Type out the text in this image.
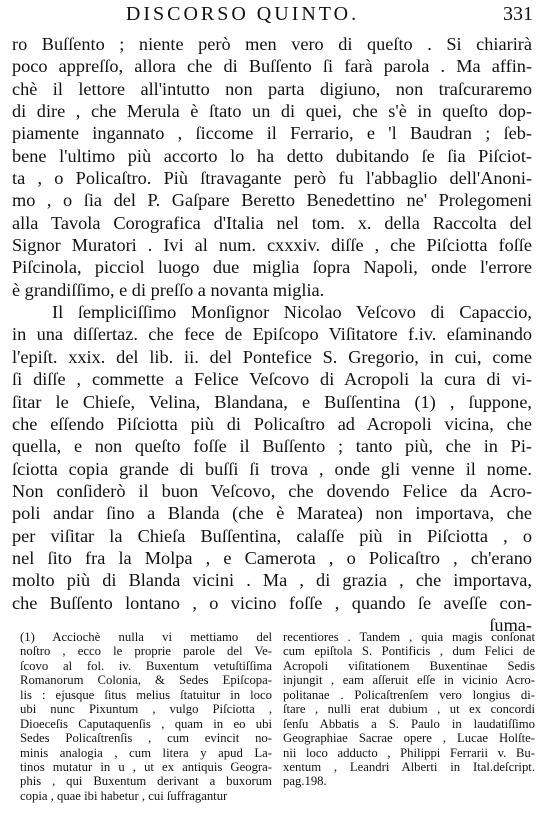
DISCORSO QUINTO.	331
ro Buſſento ; niente però men vero di queſto . Si chiarirà
poco appreſſo, allora che di Buſſento ſi farà parola . Ma affin-
chè il lettore all'intutto non parta digiuno, non traſcuraremo
di dire , che Merula è ſtato un di quei, che s'è in queſto dop-
piamente ingannato , ſiccome il Ferrario, e 'l Baudran ; ſeb-
bene l'ultimo più accorto lo ha detto dubitando ſe ſia Piſciot-
ta , o Policaſtro. Più ſtravagante però fu l'abbaglio dell'Anoni-
mo , o ſia del P. Gaſpare Beretto Benedettino ne' Prolegomeni
alla Tavola Corografica d'Italia nel tom. x. della Raccolta del
Signor Muratori . Ivi al num. cxxxiv. diſſe , che Piſciotta foſſe
Piſcinola, picciol luogo due miglia ſopra Napoli, onde l'errore
è grandiſſimo, e di preſſo a novanta miglia.
Il ſempliciſſimo Monſignor Nicolao Veſcovo di Capaccio,
in una diſſertaz. che fece de Epiſcopo Viſitatore f.iv. eſaminando
l'epiſt. xxix. del lib. ii. del Pontefice S. Gregorio, in cui, come
ſi diſſe , commette a Felice Veſcovo di Acropoli la cura di vi-
ſitar le Chieſe, Velina, Blandana, e Buſſentina (1) , ſuppone,
che eſſendo Piſciotta più di Policaſtro ad Acropoli vicina, che
quella, e non queſto foſſe il Buſſento ; tanto più, che in Pi-
ſciotta copia grande di buſſi ſi trova , onde gli venne il nome.
Non conſiderò il buon Veſcovo, che dovendo Felice da Acro-
poli andar ſino a Blanda (che è Maratea) non importava, che
per viſitar la Chieſa Buſſentina, calaſſe più in Piſciotta , o
nel ſito fra la Molpa , e Camerota , o Policaſtro , ch'erano
molto più di Blanda vicini . Ma , di grazia , che importava,
che Buſſento lontano , o vicino foſſe , quando ſe aveſſe con-
ſuma-
(1) Acciochè nulla vi mettiamo del
noſtro , ecco le proprie parole del Ve-
ſcovo al fol. iv. Buxentum vetuſtiſſima
Romanorum Colonia, & Sedes Epiſcopa-
lis : ejusque ſitus melius ſtatuitur in loco
ubi nunc Pixuntum , vulgo Piſciotta ,
Dioeceſis Caputaquenſis , quam in eo ubi
Sedes Policaſtrenſis , cum evincit no-
minis analogia , cum litera y apud La-
tinos mutatur in u , ut ex antiquis Geogra-
phis , qui Buxentum derivant a buxorum
copia , quae ibi habetur , cui ſuffragantur
recentiores . Tandem , quia magis conſonat
cum epiſtola S. Pontificis , dum Felici de
Acropoli viſitationem Buxentinae Sedis
injungit , eam aſſeruit eſſe in vicinio Acro-
politanae . Policaſtrenſem vero longius di-
ſtare , nulli erat dubium , ut ex concordi
ſenſu Abbatis a S. Paulo in laudatiſſimo
Geographiae Sacrae opere , Lucae Holſte-
nii loco adducto , Philippi Ferrarii v. Bu-
xentum , Leandri Alberti in Ital.deſcript.
pag.198.
